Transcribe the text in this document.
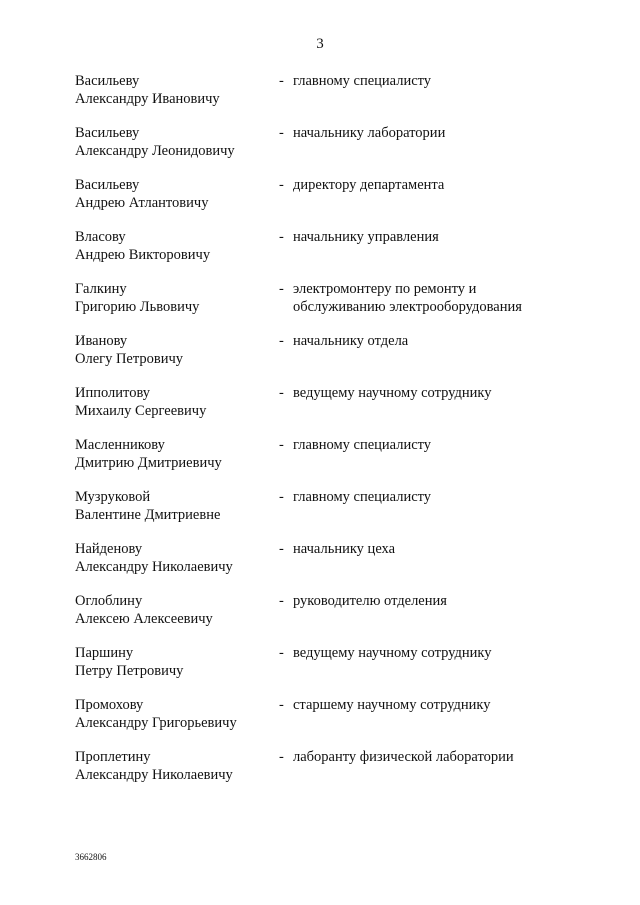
3
Васильеву
Александру Ивановичу
- главному специалисту
Васильеву
Александру Леонидовичу
- начальнику лаборатории
Васильеву
Андрею Атлантовичу
- директору департамента
Власову
Андрею Викторовичу
- начальнику управления
Галкину
Григорию Львовичу
- электромонтеру по ремонту и
обслуживанию электрооборудования
Иванову
Олегу Петровичу
- начальнику отдела
Ипполитову
Михаилу Сергеевичу
- ведущему научному сотруднику
Масленникову
Дмитрию Дмитриевичу
- главному специалисту
Музруковой
Валентине Дмитриевне
- главному специалисту
Найденову
Александру Николаевичу
- начальнику цеха
Оглоблину
Алексею Алексеевичу
- руководителю отделения
Паршину
Петру Петровичу
- ведущему научному сотруднику
Промохову
Александру Григорьевичу
- старшему научному сотруднику
Проплетину
Александру Николаевичу
- лаборанту физической лаборатории
3662806
